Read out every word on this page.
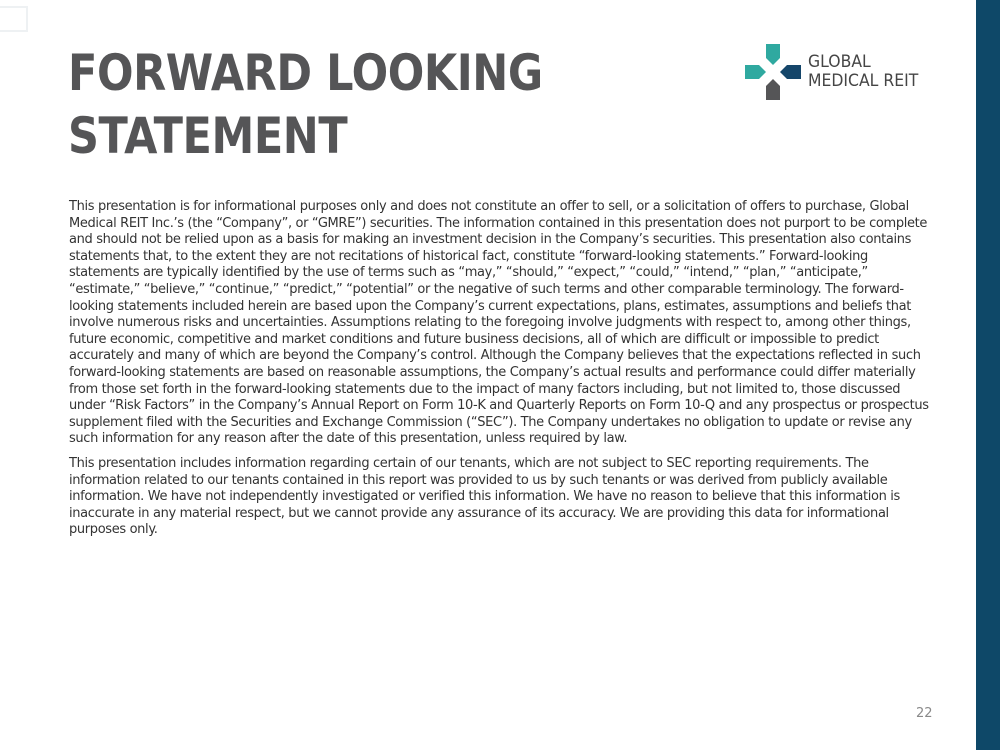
FORWARD LOOKING
STATEMENT
GLOBAL
MEDICAL REIT

This presentation is for informational purposes only and does not constitute an offer to sell, or a solicitation of offers to purchase, Global Medical REIT Inc.’s (the “Company”, or “GMRE”) securities. The information contained in this presentation does not purport to be complete and should not be relied upon as a basis for making an investment decision in the Company’s securities. This presentation also contains statements that, to the extent they are not recitations of historical fact, constitute “forward-looking statements.” Forward-looking statements are typically identified by the use of terms such as “may,” “should,” “expect,” “could,” “intend,” “plan,” “anticipate,” “estimate,” “believe,” “continue,” “predict,” “potential” or the negative of such terms and other comparable terminology. The forward-looking statements included herein are based upon the Company’s current expectations, plans, estimates, assumptions and beliefs that involve numerous risks and uncertainties. Assumptions relating to the foregoing involve judgments with respect to, among other things, future economic, competitive and market conditions and future business decisions, all of which are difficult or impossible to predict accurately and many of which are beyond the Company’s control. Although the Company believes that the expectations reflected in such forward-looking statements are based on reasonable assumptions, the Company’s actual results and performance could differ materially from those set forth in the forward-looking statements due to the impact of many factors including, but not limited to, those discussed under “Risk Factors” in the Company’s Annual Report on Form 10-K and Quarterly Reports on Form 10-Q and any prospectus or prospectus supplement filed with the Securities and Exchange Commission (“SEC”). The Company undertakes no obligation to update or revise any such information for any reason after the date of this presentation, unless required by law.

This presentation includes information regarding certain of our tenants, which are not subject to SEC reporting requirements. The information related to our tenants contained in this report was provided to us by such tenants or was derived from publicly available information. We have not independently investigated or verified this information. We have no reason to believe that this information is inaccurate in any material respect, but we cannot provide any assurance of its accuracy. We are providing this data for informational purposes only.

22
